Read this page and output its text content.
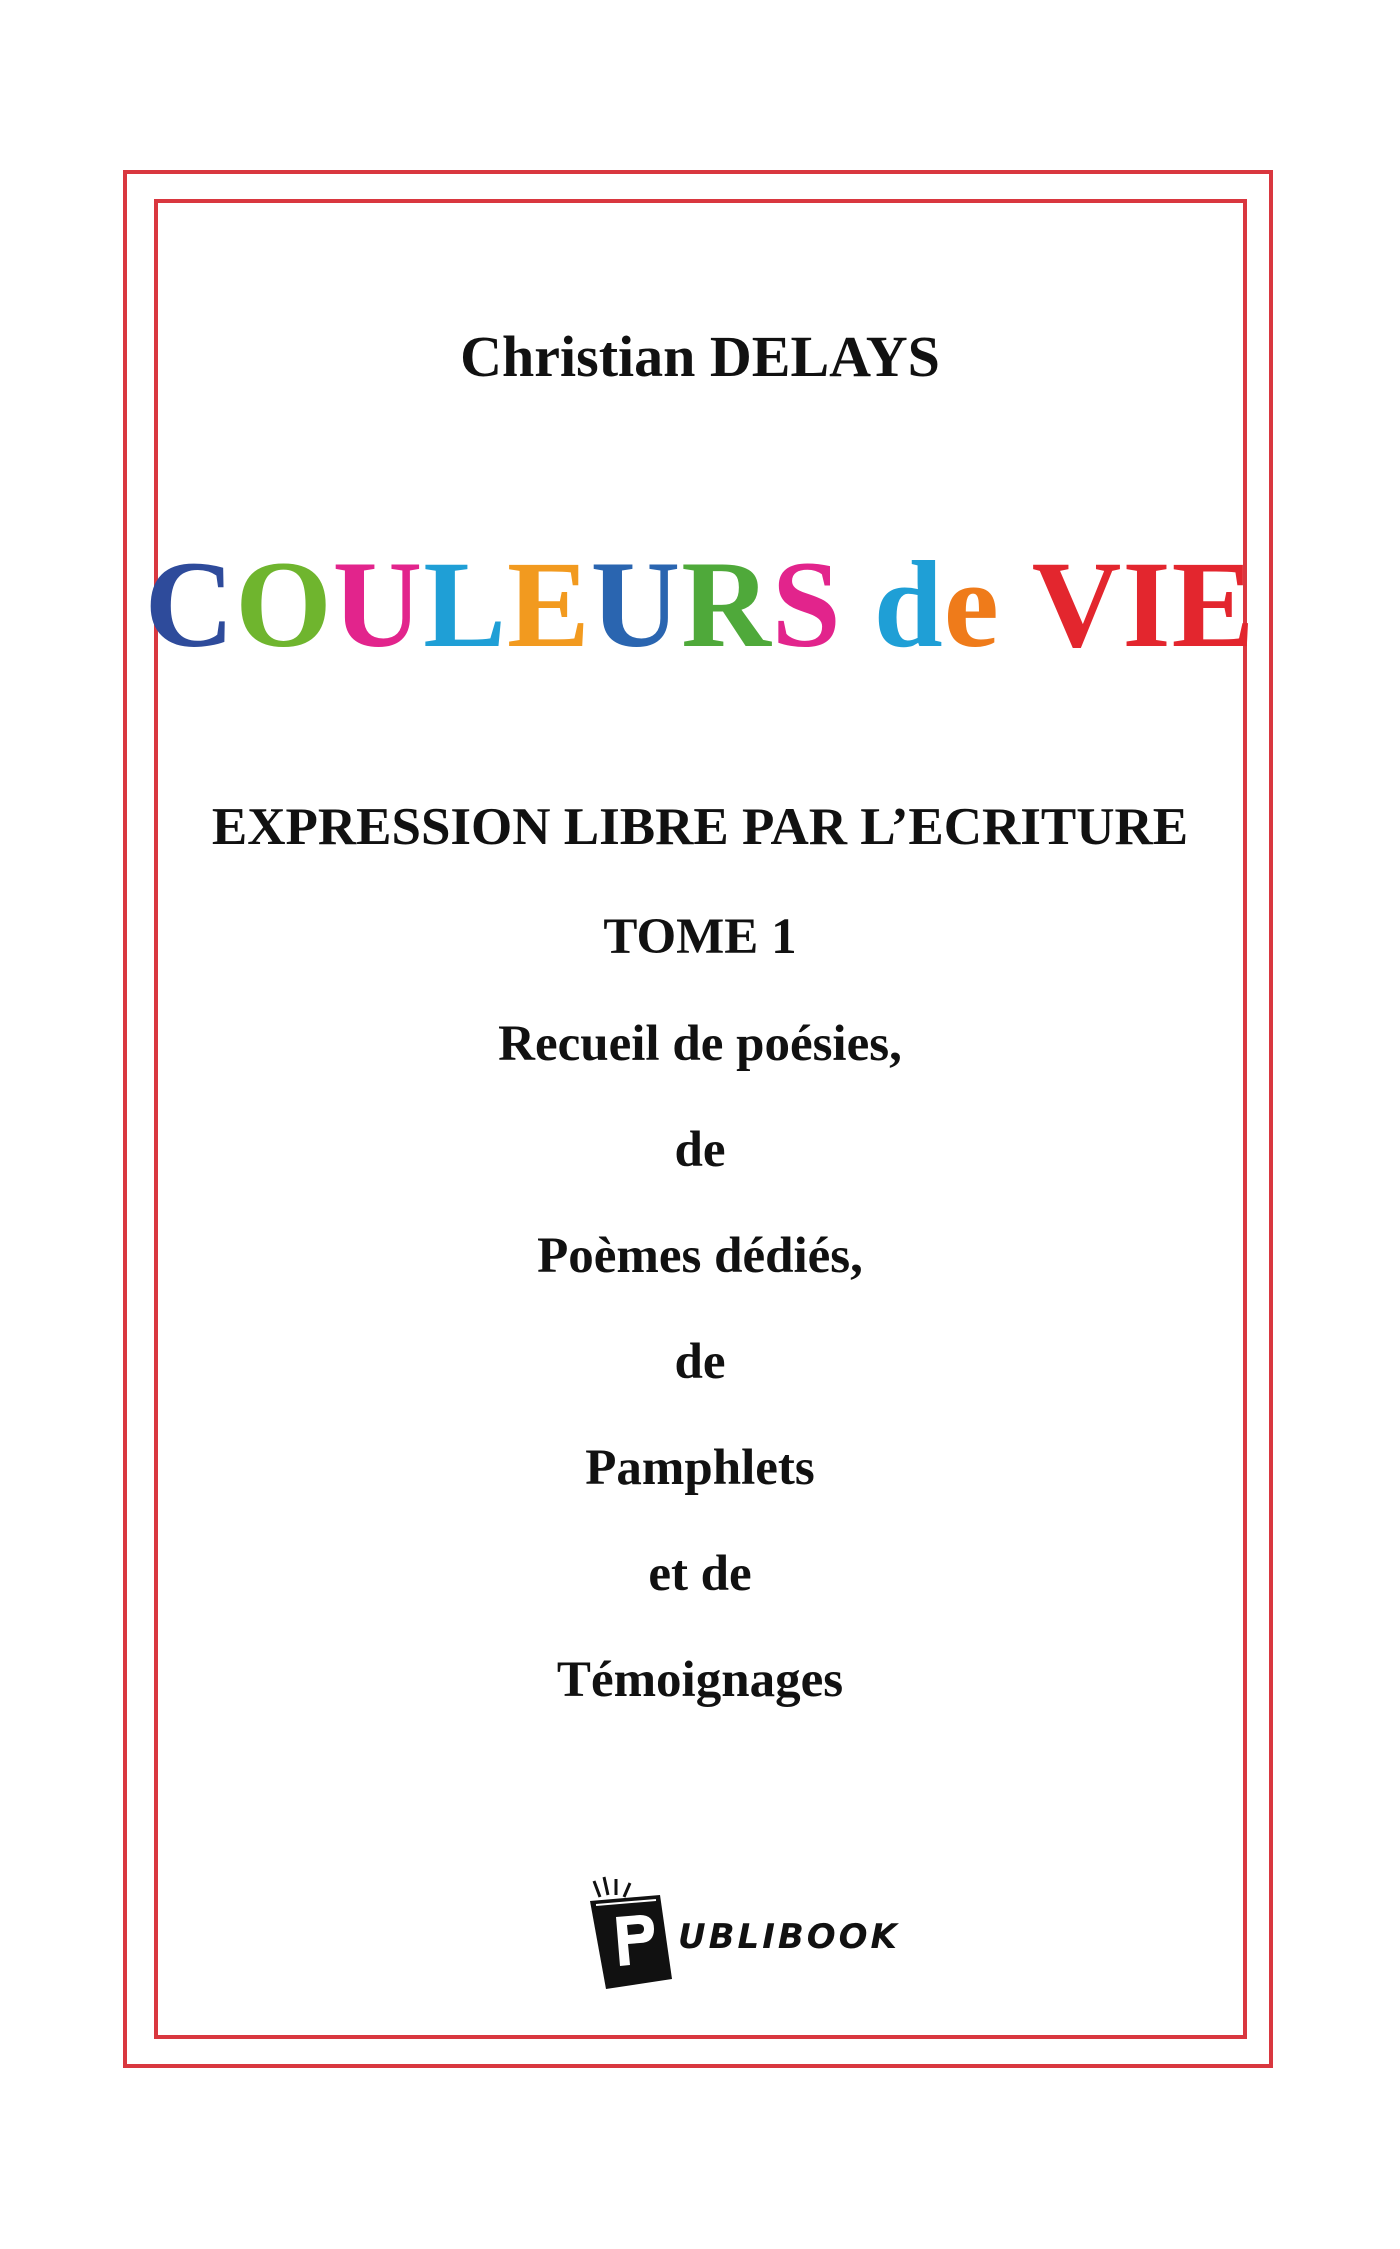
Christian DELAYS
COULEURS de VIE
EXPRESSION LIBRE PAR L’ECRITURE
TOME 1
Recueil de poésies,
de
Poèmes dédiés,
de
Pamphlets
et de
Témoignages
UBLIBOOK
